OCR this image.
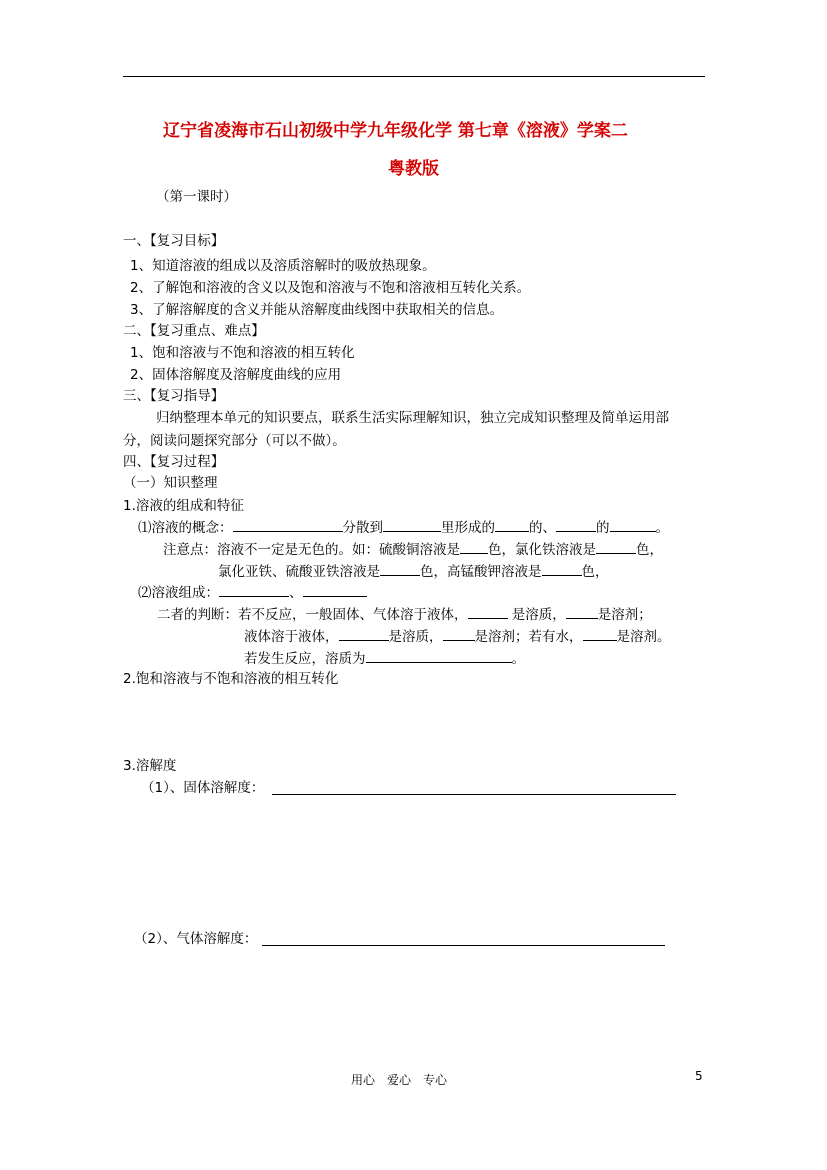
辽宁省凌海市石山初级中学九年级化学 第七章《溶液》学案二
粤教版
（第一课时）
一、【复习目标】
1、知道溶液的组成以及溶质溶解时的吸放热现象。
2、了解饱和溶液的含义以及饱和溶液与不饱和溶液相互转化关系。
3、了解溶解度的含义并能从溶解度曲线图中获取相关的信息。
二、【复习重点、难点】
1、饱和溶液与不饱和溶液的相互转化
2、固体溶解度及溶解度曲线的应用
三、【复习指导】
归纳整理本单元的知识要点，联系生活实际理解知识，独立完成知识整理及简单运用部
分，阅读问题探究部分（可以不做）。
四、【复习过程】
（一）知识整理
1.溶液的组成和特征
⑴溶液的概念：	分散到	里形成的	的、	的	。
注意点：溶液不一定是无色的。如：硫酸铜溶液是 色，氯化铁溶液是	色，
氯化亚铁、硫酸亚铁溶液是	色，高锰酸钾溶液是	色，
⑵溶液组成：	、
二者的判断：若不反应，一般固体、气体溶于液体，	是溶质， 是溶剂；
液体溶于液体，	是溶质， 是溶剂；若有水，	是溶剂。
若发生反应，溶质为	。
2.饱和溶液与不饱和溶液的相互转化
3.溶解度
（1）、固体溶解度：
（2）、气体溶解度：
用心　爱心　专心	5
